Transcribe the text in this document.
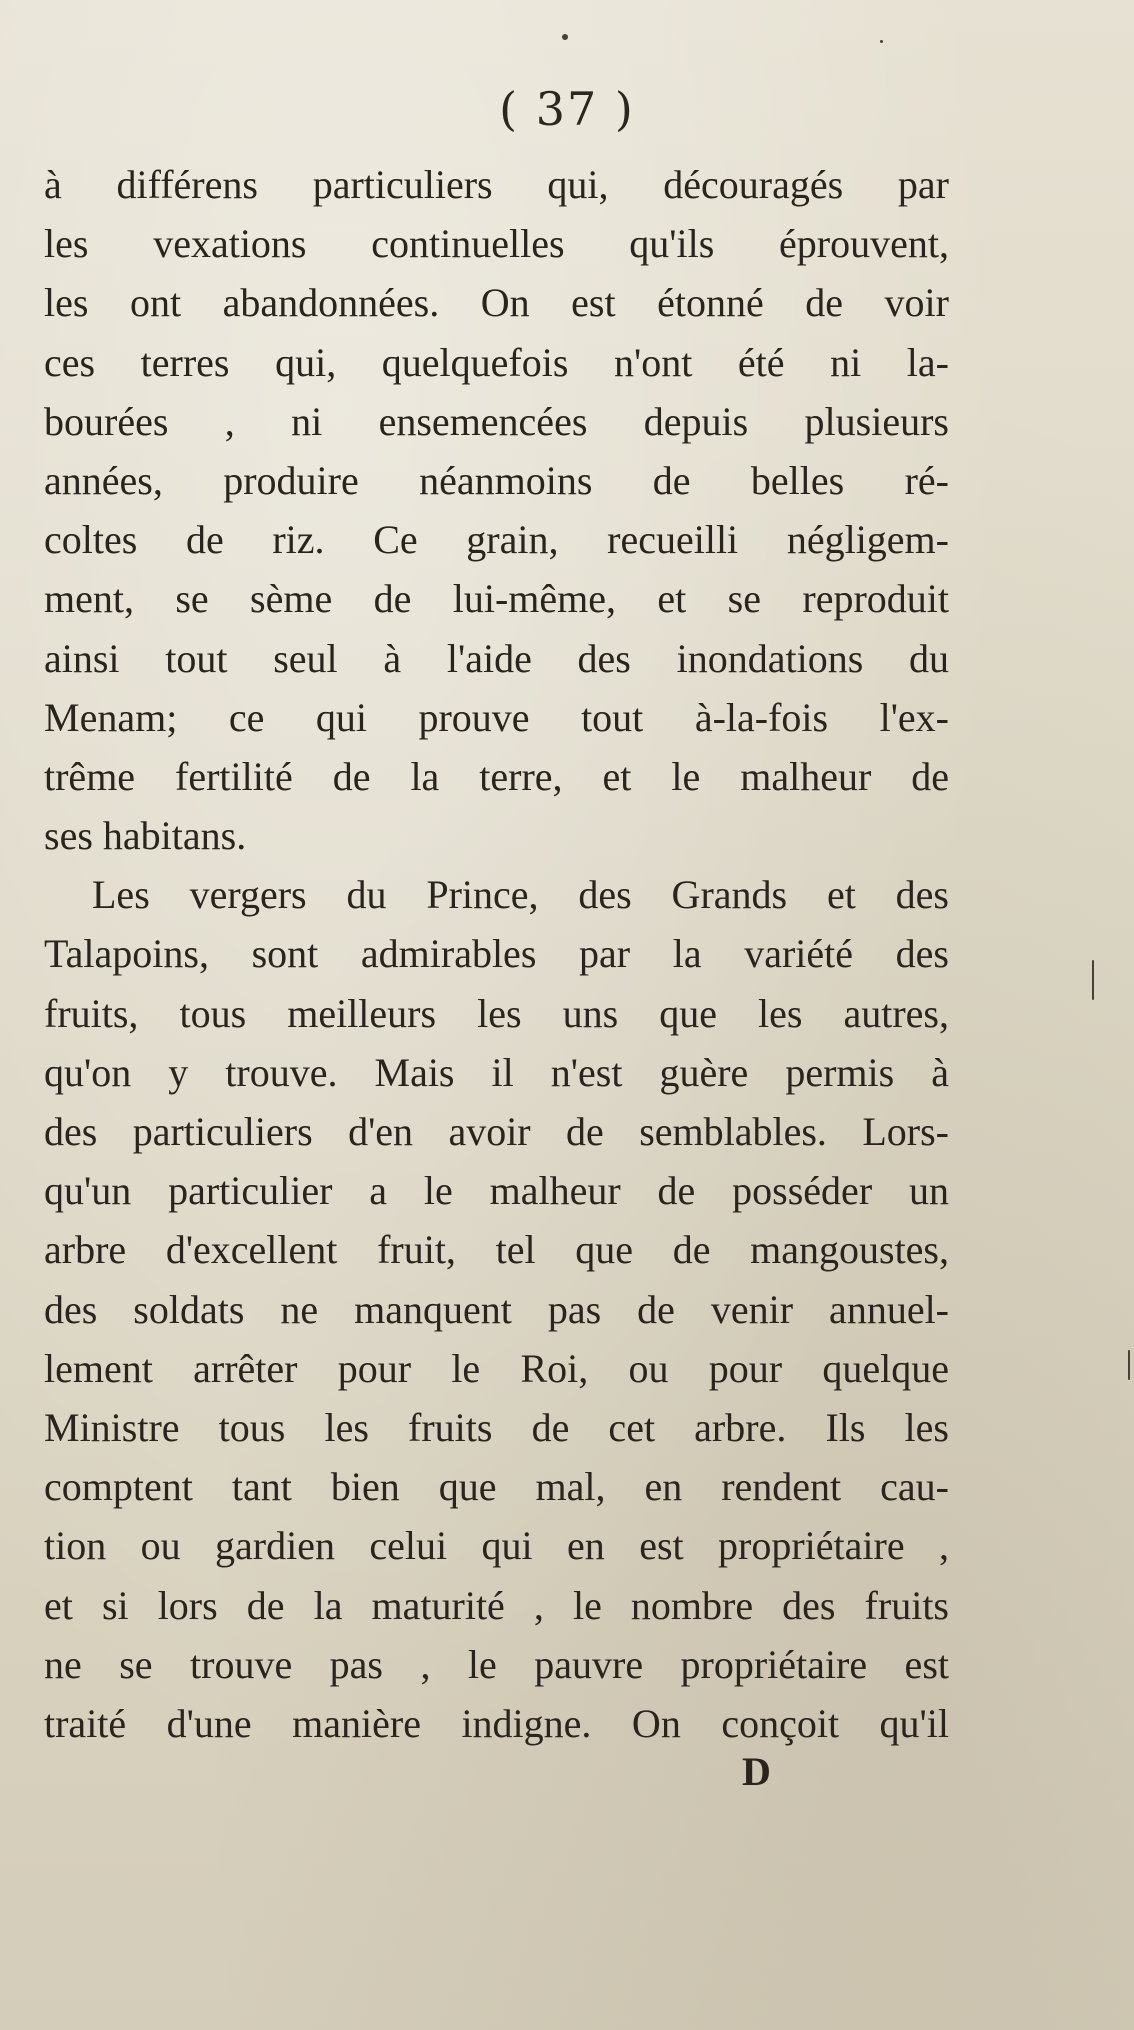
( 37 )
à différens particuliers qui, découragés par
les vexations continuelles qu'ils éprouvent,
les ont abandonnées. On est étonné de voir
ces terres qui, quelquefois n'ont été ni la-
bourées , ni ensemencées depuis plusieurs
années, produire néanmoins de belles ré-
coltes de riz. Ce grain, recueilli négligem-
ment, se sème de lui-même, et se reproduit
ainsi tout seul à l'aide des inondations du
Menam; ce qui prouve tout à-la-fois l'ex-
trême fertilité de la terre, et le malheur de
ses habitans.
Les vergers du Prince, des Grands et des
Talapoins, sont admirables par la variété des
fruits, tous meilleurs les uns que les autres,
qu'on y trouve. Mais il n'est guère permis à
des particuliers d'en avoir de semblables. Lors-
qu'un particulier a le malheur de posséder un
arbre d'excellent fruit, tel que de mangoustes,
des soldats ne manquent pas de venir annuel-
lement arrêter pour le Roi, ou pour quelque
Ministre tous les fruits de cet arbre. Ils les
comptent tant bien que mal, en rendent cau-
tion ou gardien celui qui en est propriétaire ,
et si lors de la maturité , le nombre des fruits
ne se trouve pas , le pauvre propriétaire est
traité d'une manière indigne. On conçoit qu'il
D
